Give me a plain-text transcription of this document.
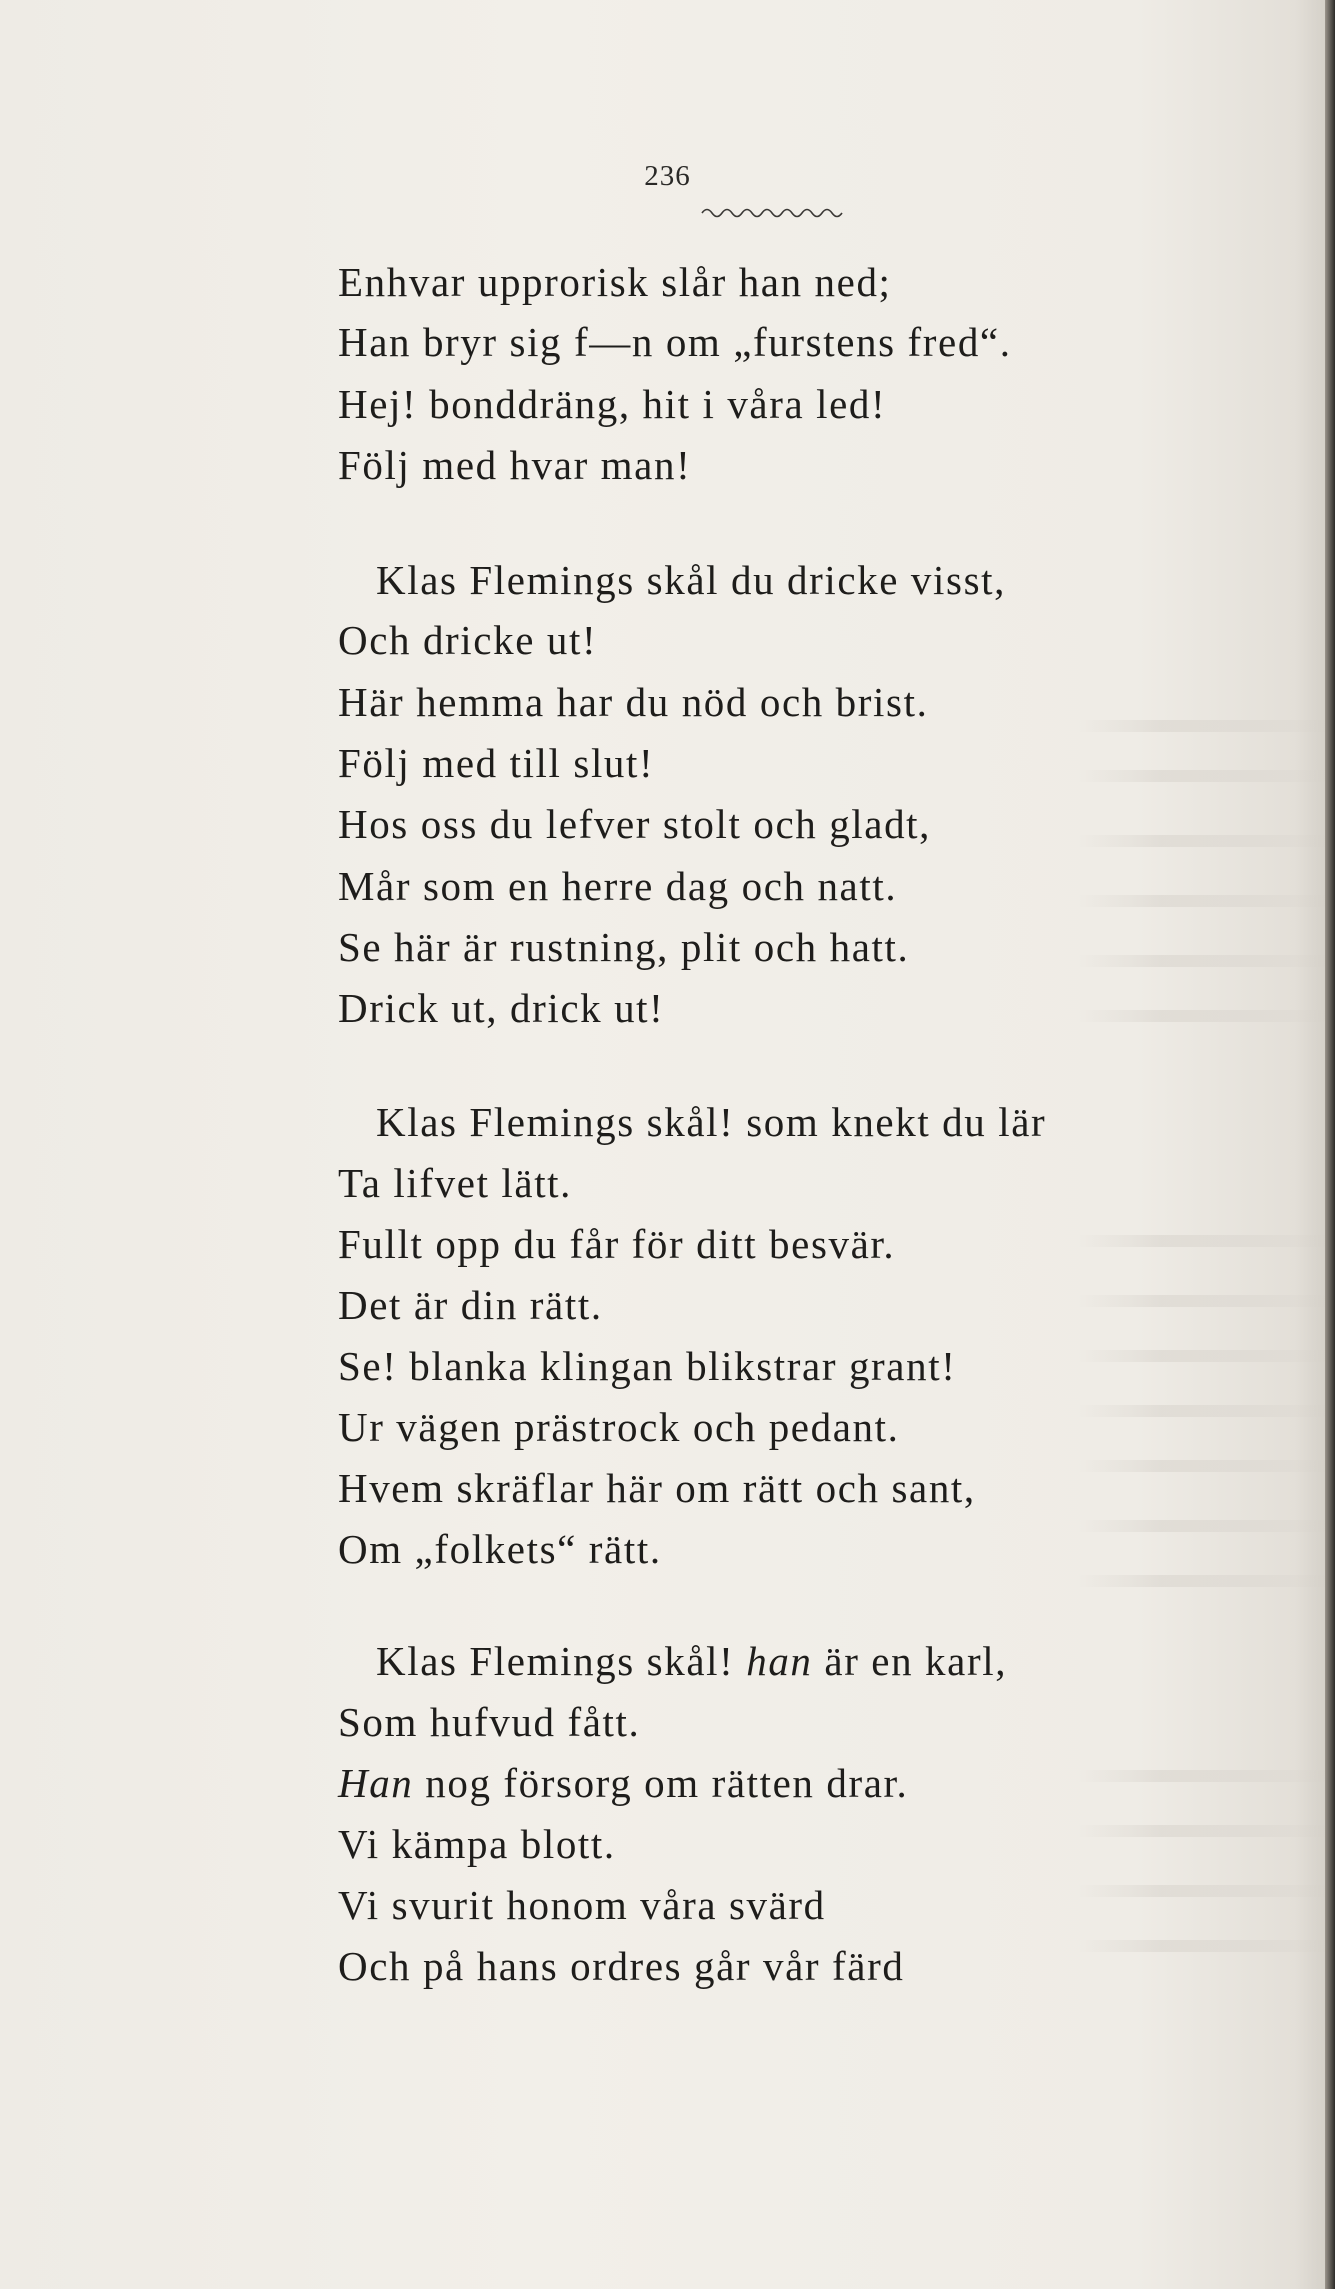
236
Enhvar upprorisk slår han ned;
Han bryr sig f—n om „furstens fred“.
Hej! bonddräng, hit i våra led!
Följ med hvar man!
Klas Flemings skål du dricke visst,
Och dricke ut!
Här hemma har du nöd och brist.
Följ med till slut!
Hos oss du lefver stolt och gladt,
Mår som en herre dag och natt.
Se här är rustning, plit och hatt.
Drick ut, drick ut!
Klas Flemings skål! som knekt du lär
Ta lifvet lätt.
Fullt opp du får för ditt besvär.
Det är din rätt.
Se! blanka klingan blikstrar grant!
Ur vägen prästrock och pedant.
Hvem skräflar här om rätt och sant,
Om „folkets“ rätt.
Klas Flemings skål! han är en karl,
Som hufvud fått.
Han nog försorg om rätten drar.
Vi kämpa blott.
Vi svurit honom våra svärd
Och på hans ordres går vår färd
